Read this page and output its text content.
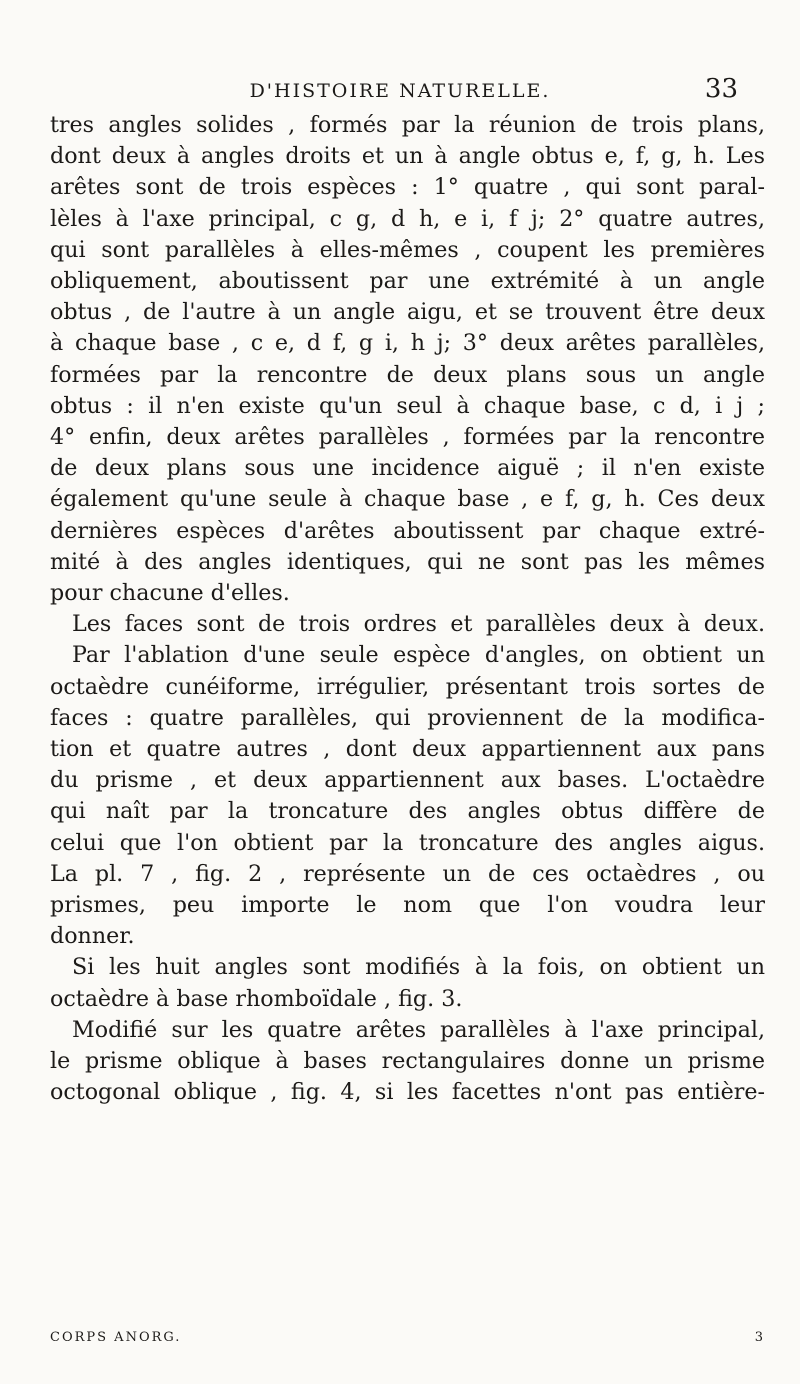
D'HISTOIRE NATURELLE.	33
tres angles solides , formés par la réunion de trois plans,
dont deux à angles droits et un à angle obtus e, f, g, h. Les
arêtes sont de trois espèces : 1° quatre , qui sont paral-
lèles à l'axe principal, c g, d h, e i, f j; 2° quatre autres,
qui sont parallèles à elles-mêmes , coupent les premières
obliquement, aboutissent par une extrémité à un angle
obtus , de l'autre à un angle aigu, et se trouvent être deux
à chaque base , c e, d f, g i, h j; 3° deux arêtes parallèles,
formées par la rencontre de deux plans sous un angle
obtus : il n'en existe qu'un seul à chaque base, c d, i j ;
4° enfin, deux arêtes parallèles , formées par la rencontre
de deux plans sous une incidence aiguë ; il n'en existe
également qu'une seule à chaque base , e f, g, h. Ces deux
dernières espèces d'arêtes aboutissent par chaque extré-
mité à des angles identiques, qui ne sont pas les mêmes
pour chacune d'elles.
Les faces sont de trois ordres et parallèles deux à deux.
Par l'ablation d'une seule espèce d'angles, on obtient un
octaèdre cunéiforme, irrégulier, présentant trois sortes de
faces : quatre parallèles, qui proviennent de la modifica-
tion et quatre autres , dont deux appartiennent aux pans
du prisme , et deux appartiennent aux bases. L'octaèdre
qui naît par la troncature des angles obtus diffère de
celui que l'on obtient par la troncature des angles aigus.
La pl. 7 , fig. 2 , représente un de ces octaèdres , ou
prismes, peu importe le nom que l'on voudra leur
donner.
Si les huit angles sont modifiés à la fois, on obtient un
octaèdre à base rhomboïdale , fig. 3.
Modifié sur les quatre arêtes parallèles à l'axe principal,
le prisme oblique à bases rectangulaires donne un prisme
octogonal oblique , fig. 4, si les facettes n'ont pas entière-
CORPS ANORG.	3
